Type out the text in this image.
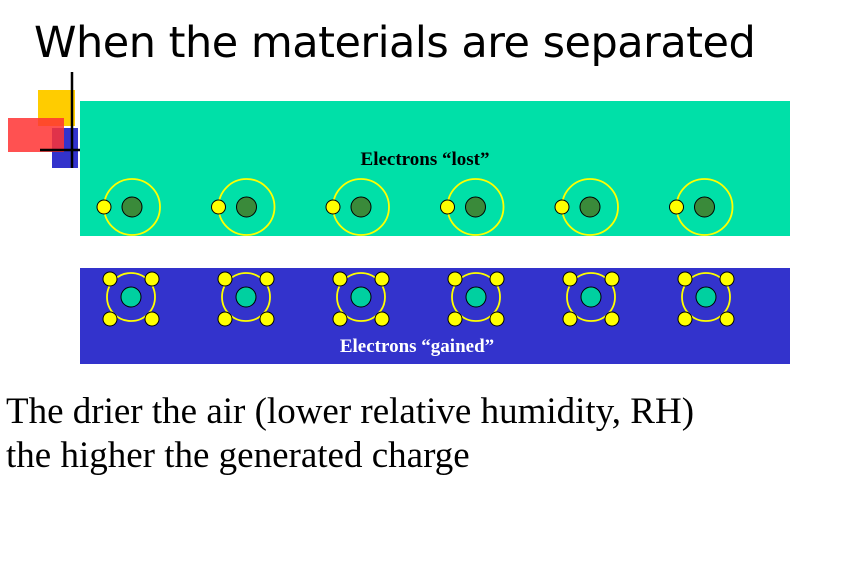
When the materials are separated
Electrons “lost”
Electrons “gained”
The drier the air (lower relative humidity, RH)
the higher the generated charge
